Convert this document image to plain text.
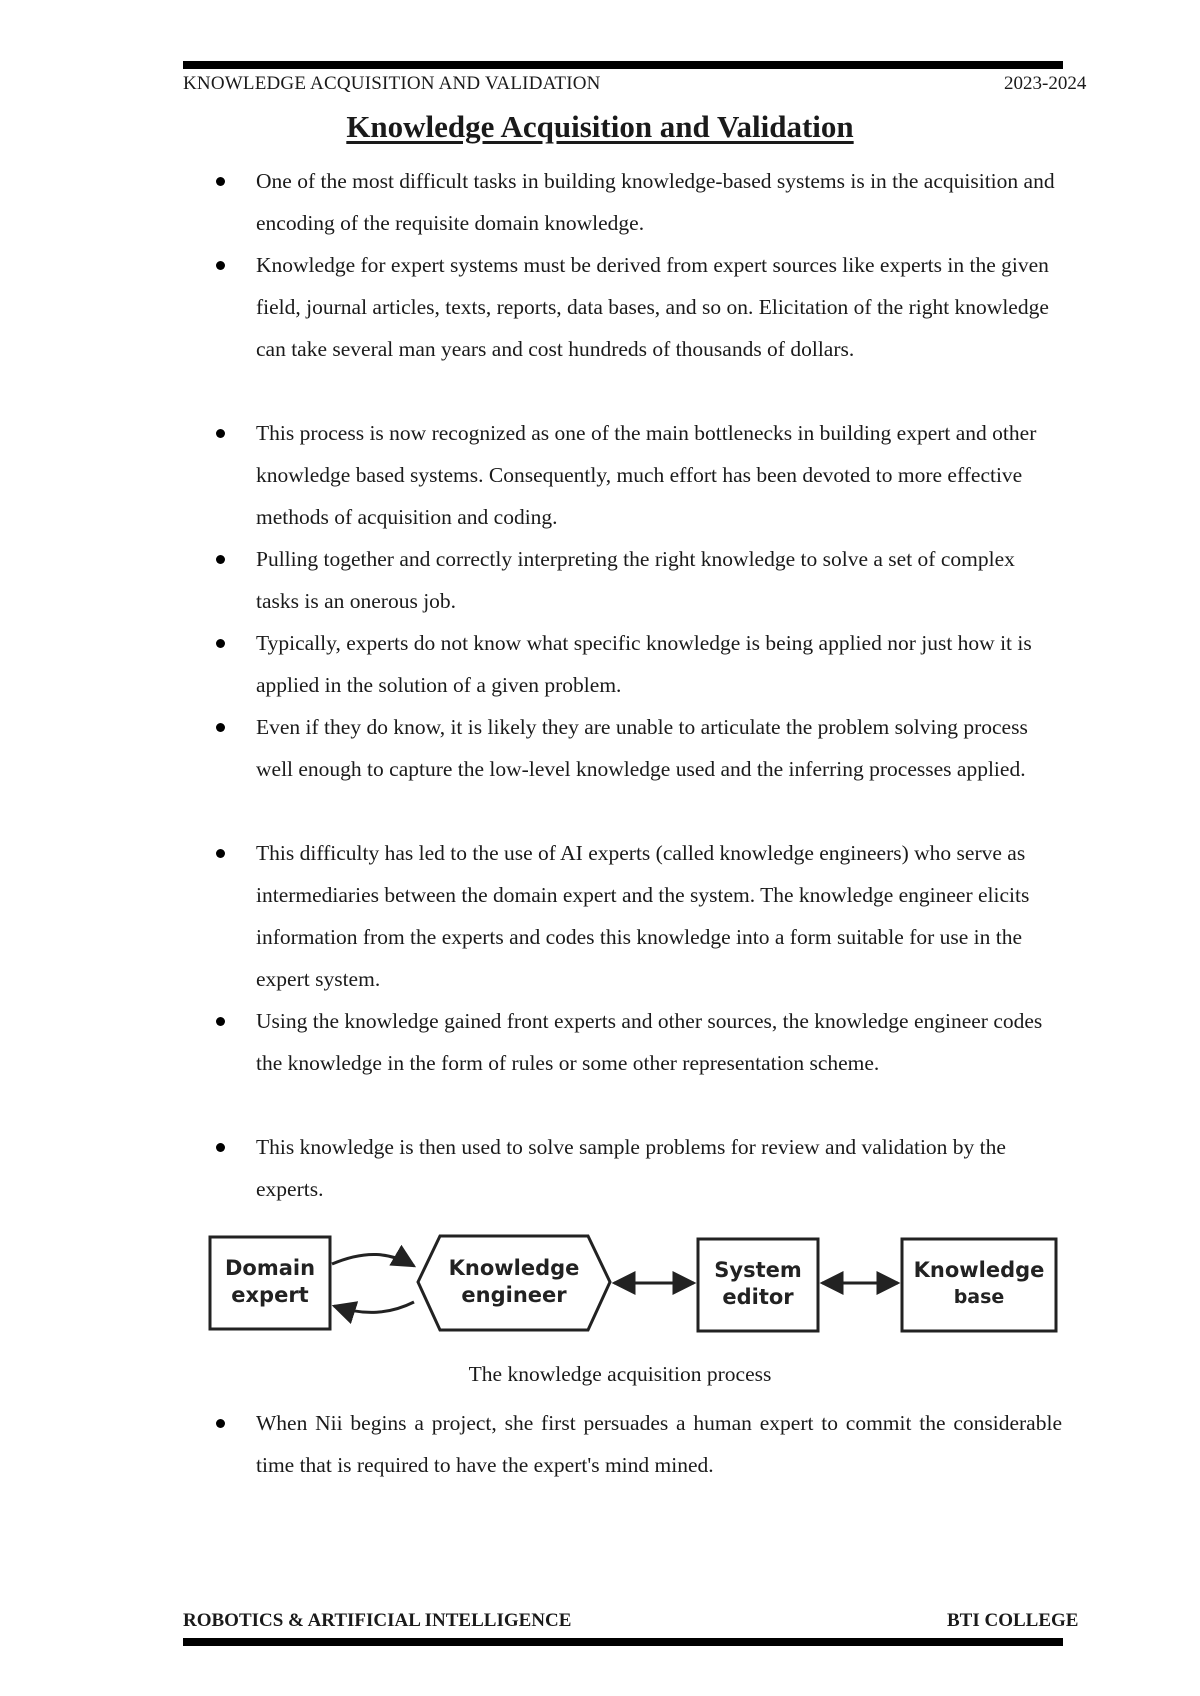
KNOWLEDGE ACQUISITION AND VALIDATION	2023-2024
Knowledge Acquisition and Validation
One of the most difficult tasks in building knowledge-based systems is in the acquisition and encoding of the requisite domain knowledge.
Knowledge for expert systems must be derived from expert sources like experts in the given field, journal articles, texts, reports, data bases, and so on. Elicitation of the right knowledge can take several man years and cost hundreds of thousands of dollars.
This process is now recognized as one of the main bottlenecks in building expert and other knowledge based systems. Consequently, much effort has been devoted to more effective methods of acquisition and coding.
Pulling together and correctly interpreting the right knowledge to solve a set of complex tasks is an onerous job.
Typically, experts do not know what specific knowledge is being applied nor just how it is applied in the solution of a given problem.
Even if they do know, it is likely they are unable to articulate the problem solving process well enough to capture the low-level knowledge used and the inferring processes applied.
This difficulty has led to the use of AI experts (called knowledge engineers) who serve as intermediaries between the domain expert and the system. The knowledge engineer elicits information from the experts and codes this knowledge into a form suitable for use in the expert system.
Using the knowledge gained front experts and other sources, the knowledge engineer codes the knowledge in the form of rules or some other representation scheme.
This knowledge is then used to solve sample problems for review and validation by the experts.
Domain
expert
Knowledge
engineer
System
editor
Knowledge
base
The knowledge acquisition process
When Nii begins a project, she first persuades a human expert to commit the considerable time that is required to have the expert's mind mined.
ROBOTICS & ARTIFICIAL INTELLIGENCE	BTI COLLEGE
